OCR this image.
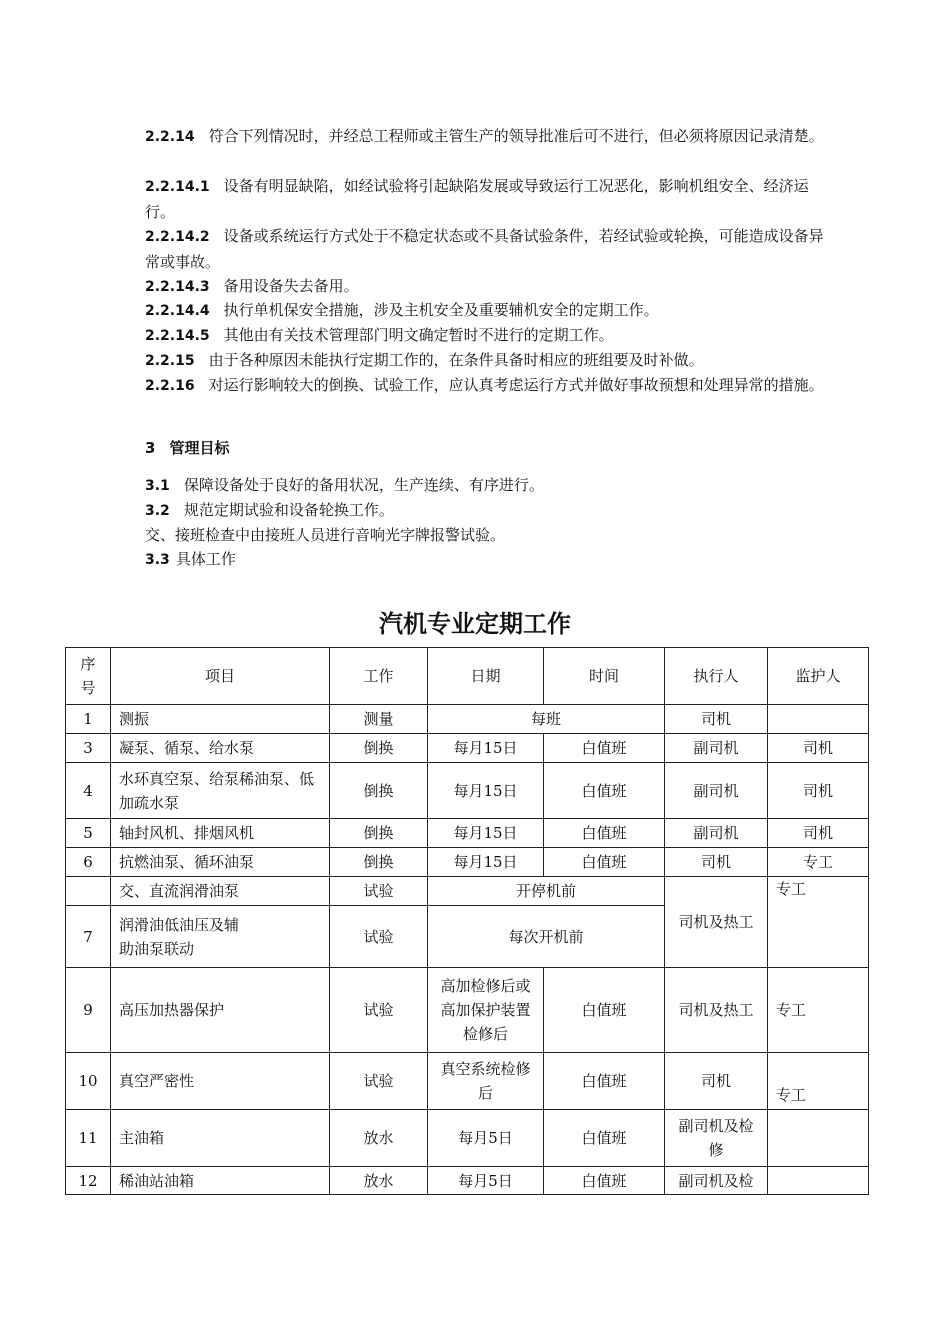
2.2.14 符合下列情况时，并经总工程师或主管生产的领导批准后可不进行，但必须将原因记录清楚。
2.2.14.1 设备有明显缺陷，如经试验将引起缺陷发展或导致运行工况恶化，影响机组安全、经济运行。
2.2.14.2 设备或系统运行方式处于不稳定状态或不具备试验条件，若经试验或轮换，可能造成设备异常或事故。
2.2.14.3 备用设备失去备用。
2.2.14.4 执行单机保安全措施，涉及主机安全及重要辅机安全的定期工作。
2.2.14.5 其他由有关技术管理部门明文确定暂时不进行的定期工作。
2.2.15 由于各种原因未能执行定期工作的，在条件具备时相应的班组要及时补做。
2.2.16 对运行影响较大的倒换、试验工作，应认真考虑运行方式并做好事故预想和处理异常的措施。
3 管理目标
3.1 保障设备处于良好的备用状况，生产连续、有序进行。
3.2 规范定期试验和设备轮换工作。
交、接班检查中由接班人员进行音响光字牌报警试验。
3.3 具体工作
汽机专业定期工作
序号	项目	工作	日期	时间	执行人	监护人
1	测振	测量	每班		司机	
3	凝泵、循泵、给水泵	倒换	每月15日	白值班	副司机	司机
4	水环真空泵、给泵稀油泵、低加疏水泵	倒换	每月15日	白值班	副司机	司机
5	轴封风机、排烟风机	倒换	每月15日	白值班	副司机	司机
6	抗燃油泵、循环油泵	倒换	每月15日	白值班	司机	专工
	交、直流润滑油泵	试验	开停机前		司机及热工	专工
7	润滑油低油压及辅助油泵联动	试验	每次开机前			
9	高压加热器保护	试验	高加检修后或高加保护装置检修后	白值班	司机及热工	专工
10	真空严密性	试验	真空系统检修后	白值班	司机	专工
11	主油箱	放水	每月5日	白值班	副司机及检修	

12	稀油站油箱	放水	每月5日	白值班	副司机及检	
